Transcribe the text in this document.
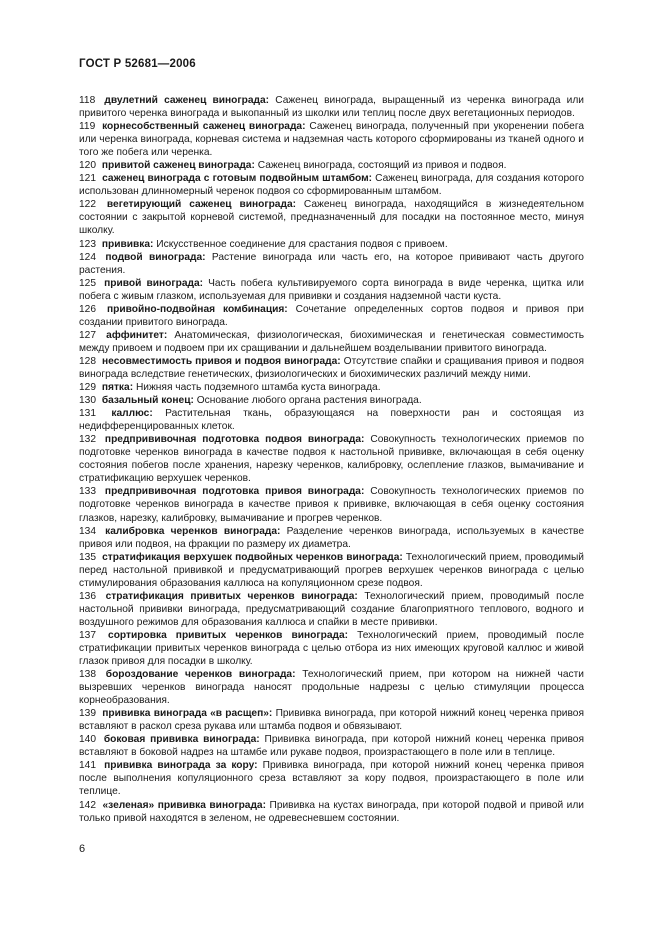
ГОСТ Р 52681—2006

118 двулетний саженец винограда: Саженец винограда, выращенный из черенка винограда или привитого черенка винограда и выкопанный из школки или теплиц после двух вегетационных периодов.

119 корнесобственный саженец винограда: Саженец винограда, полученный при укоренении побега или черенка винограда, корневая система и надземная часть которого сформированы из тканей одного и того же побега или черенка.

120 привитой саженец винограда: Саженец винограда, состоящий из привоя и подвоя.

121 саженец винограда с готовым подвойным штамбом: Саженец винограда, для создания которого использован длинномерный черенок подвоя со сформированным штамбом.

122 вегетирующий саженец винограда: Саженец винограда, находящийся в жизнедеятельном состоянии с закрытой корневой системой, предназначенный для посадки на постоянное место, минуя школку.

123 прививка: Искусственное соединение для срастания подвоя с привоем.

124 подвой винограда: Растение винограда или часть его, на которое прививают часть другого растения.

125 привой винограда: Часть побега культивируемого сорта винограда в виде черенка, щитка или побега с живым глазком, используемая для прививки и создания надземной части куста.

126 привойно-подвойная комбинация: Сочетание определенных сортов подвоя и привоя при создании привитого винограда.

127 аффинитет: Анатомическая, физиологическая, биохимическая и генетическая совместимость между привоем и подвоем при их сращивании и дальнейшем возделывании привитого винограда.

128 несовместимость привоя и подвоя винограда: Отсутствие спайки и сращивания привоя и подвоя винограда вследствие генетических, физиологических и биохимических различий между ними.

129 пятка: Нижняя часть подземного штамба куста винограда.

130 базальный конец: Основание любого органа растения винограда.

131 каллюс: Растительная ткань, образующаяся на поверхности ран и состоящая из недифференцированных клеток.

132 предпрививочная подготовка подвоя винограда: Совокупность технологических приемов по подготовке черенков винограда в качестве подвоя к настольной прививке, включающая в себя оценку состояния побегов после хранения, нарезку черенков, калибровку, ослепление глазков, вымачивание и стратификацию верхушек черенков.

133 предпрививочная подготовка привоя винограда: Совокупность технологических приемов по подготовке черенков винограда в качестве привоя к прививке, включающая в себя оценку состояния глазков, нарезку, калибровку, вымачивание и прогрев черенков.

134 калибровка черенков винограда: Разделение черенков винограда, используемых в качестве привоя или подвоя, на фракции по размеру их диаметра.

135 стратификация верхушек подвойных черенков винограда: Технологический прием, проводимый перед настольной прививкой и предусматривающий прогрев верхушек черенков винограда с целью стимулирования образования каллюса на копуляционном срезе подвоя.

136 стратификация привитых черенков винограда: Технологический прием, проводимый после настольной прививки винограда, предусматривающий создание благоприятного теплового, водного и воздушного режимов для образования каллюса и спайки в месте прививки.

137 сортировка привитых черенков винограда: Технологический прием, проводимый после стратификации привитых черенков винограда с целью отбора из них имеющих круговой каллюс и живой глазок привоя для посадки в школку.

138 бороздование черенков винограда: Технологический прием, при котором на нижней части вызревших черенков винограда наносят продольные надрезы с целью стимуляции процесса корнеобразования.

139 прививка винограда «в расщеп»: Прививка винограда, при которой нижний конец черенка привоя вставляют в раскол среза рукава или штамба подвоя и обвязывают.

140 боковая прививка винограда: Прививка винограда, при которой нижний конец черенка привоя вставляют в боковой надрез на штамбе или рукаве подвоя, произрастающего в поле или в теплице.

141 прививка винограда за кору: Прививка винограда, при которой нижний конец черенка привоя после выполнения копуляционного среза вставляют за кору подвоя, произрастающего в поле или теплице.

142 «зеленая» прививка винограда: Прививка на кустах винограда, при которой подвой и привой или только привой находятся в зеленом, не одревесневшем состоянии.

6
